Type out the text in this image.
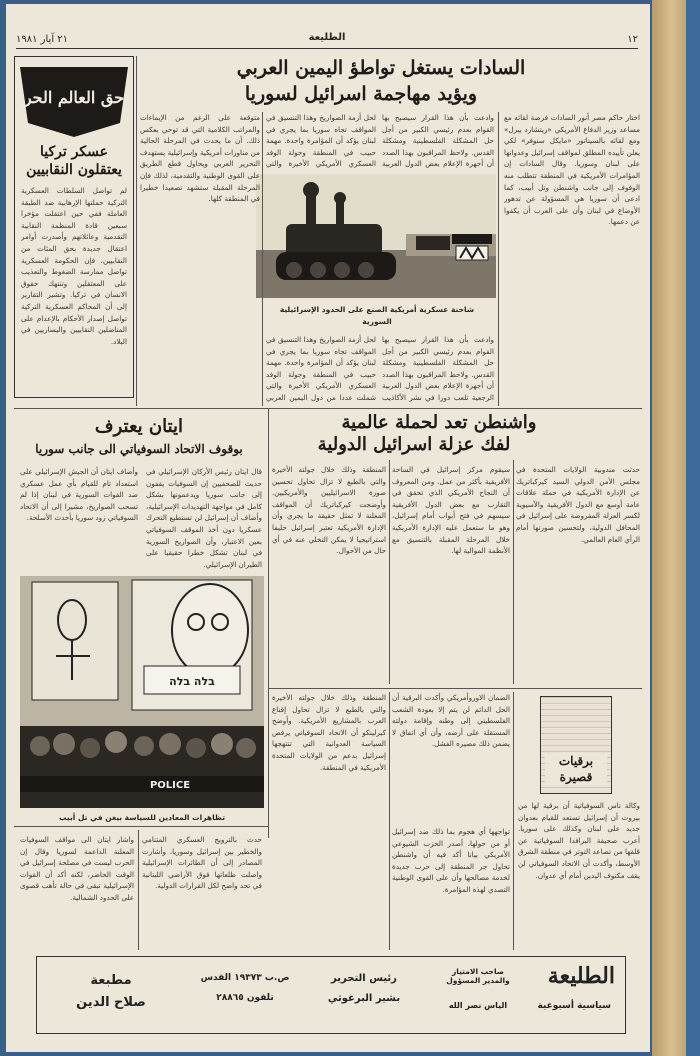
١٢
الطليعة
٢١ آيار ١٩٨١
حق العالم الحر
عسكر تركيا يعتقلون النقابيين
لم تواصل السلطات العسكرية التركية حملتها الإرهابية ضد الطبقة العاملة ففي حين اعتقلت مؤخرا سبعين قادة المنظمة النقابية التقدمية وعائلاتهم وأصدرت أوامر اعتقال جديدة بحق المئات من النقابيين، فإن الحكومة العسكرية تواصل ممارسة الضغوط والتعذيب على المعتقلين وتنتهك حقوق الانسان في تركيا. وتشير التقارير إلى أن المحاكم العسكرية التركية تواصل إصدار الأحكام بالإعدام على المناضلين النقابيين واليساريين في البلاد.
السادات يستغل تواطؤ اليمين العربي
ويؤيد مهاجمة اسرائيل لسوريا
اختار حاكم مصر أنور السادات فرصة لقائه مع مساعد وزير الدفاع الأمريكي «ريتشارد بيرل» ومع لقائه بالسيناتور «مايكل سنوفر» لكي يعلن تأييده المطلق لمواقف إسرائيل وعدوانها على لبنان وسوريا. وقال السادات إن المؤامرات الأمريكية في المنطقة تتطلب منه الوقوف إلى جانب واشنطن وتل أبيب، كما ادعى أن سوريا هي المسؤولة عن تدهور الأوضاع في لبنان وأن على العرب أن يكفوا عن دعمها.
شاحنة عسكرية أمريكية الصنع على الحدود الإسرائيلية السورية
وادعت بأن هذا القرار سيصبح بها القوام بعدم رئيسي الكبير من أجل حل المشكلة الفلسطينية ومشكلة القدس. ولاحظ المراقبون بهذا الصدد أن أجهزة الإعلام بعض الدول العربية
لحل أزمة الصواريخ وهذا التنسيق في المواقف تجاه سوريا بما يجري في لبنان يؤكد أن المؤامرة واحدة. مهمة حبيب في المنطقة وجولة الوفد العسكري الأمريكي الأخيرة والتي
وادعت بأن هذا القرار سيصبح بها القوام بعدم رئيسي الكبير من أجل حل المشكلة الفلسطينية ومشكلة القدس. ولاحظ المراقبون بهذا الصدد أن أجهزة الإعلام بعض الدول العربية الرجعية تلعب دورا في نشر الأكاذيب
لحل أزمة الصواريخ وهذا التنسيق في المواقف تجاه سوريا بما يجري في لبنان يؤكد أن المؤامرة واحدة. مهمة حبيب في المنطقة وجولة الوفد العسكري الأمريكي الأخيرة والتي شملت عددا من دول اليمين العربي
متوقعة على الرغم من الإيماءات والمراتب الكلامية التي قد توحي بعكس ذلك. أن ما يحدث في المرحلة الحالية من مناورات أمريكية وإسرائيلية يستهدف التحرير العربي ويحاول قطع الطريق على القوى الوطنية والتقدمية، لذلك فإن المرحلة المقبلة ستشهد تصعيدا خطيرا في المنطقة كلها.
واشنطن تعد لحملة عالمية
لفك عزلة اسرائيل الدولية
حدثت مندوبية الولايات المتحدة في مجلس الأمن الدولي السيد كيركباتريك عن الإدارة الأمريكية في حملة علاقات عامة أوسع مع الدول الأفريقية والآسيوية لكسر العزلة المفروضة على إسرائيل في المحافل الدولية، ولتحسين صورتها أمام الرأي العام العالمي.
سيقوم مركز إسرائيل في الساحة الأفريقية بأكثر من عمل. ومن المعروف أن النجاح الأمريكي الذي تحقق في التقارب مع بعض الدول الأفريقية سيسهم في فتح أبواب أمام إسرائيل، وهو ما ستعمل عليه الإدارة الأمريكية خلال المرحلة المقبلة بالتنسيق مع الأنظمة الموالية لها.
المنطقة وذلك خلال جولته الأخيرة والتي بالطبع لا تزال تحاول تحسين صورة الاسرائيليين والأمريكيين. وأوضحت كيركباتريك أن المواقف المعلنة لا تمثل حقيقة ما يجري وأن الإدارة الأمريكية تعتبر إسرائيل حليفا استراتيجيا لا يمكن التخلي عنه في أي حال من الأحوال.
ايتان يعترف
بوقوف الاتحاد السوفياتي الى جانب سوريا
قال ايتان رئيس الأركان الإسرائيلي في حديث للصحفيين إن السوفيات يقفون إلى جانب سوريا ويدعمونها بشكل كامل في مواجهة التهديدات الإسرائيلية، وأضاف أن إسرائيل لن تستطيع التحرك عسكريا دون أخذ الموقف السوفياتي بعين الاعتبار، وأن الصواريخ السورية في لبنان تشكل خطرا حقيقيا على الطيران الإسرائيلي.
وأضاف ايتان أن الجيش الإسرائيلي على استعداد تام للقيام بأي عمل عسكري ضد القوات السورية في لبنان إذا لم تسحب الصواريخ، مشيرا إلى أن الاتحاد السوفياتي زود سوريا بأحدث الأسلحة.
בלה בלה
POLICE
تظاهرات المعادين للسياسة بيغن في تل أبيب
واشار ايتان الى مواقف السوفيات المعلنة الداعمة لسوريا وقال إن الحرب ليست في مصلحة إسرائيل في الوقت الحاضر، لكنه أكد أن القوات الإسرائيلية تبقى في حالة تأهب قصوى على الحدود الشمالية.
حدث بالترويج العسكري المتنامي والخطير بين إسرائيل وسوريا، وأشارت المصادر إلى أن الطائرات الإسرائيلية واصلت طلعاتها فوق الأراضي اللبنانية في تحد واضح لكل القرارات الدولية.
المنطقة وذلك خلال جولته الأخيرة والتي بالطبع لا تزال تحاول إقناع العرب بالمشاريع الأمريكية. وأوضح كيرلينكو أن الاتحاد السوفياتي يرفض السياسة العدوانية التي تنتهجها إسرائيل بدعم من الولايات المتحدة الأمريكية في المنطقة.
الضمان الاوروأمريكي وأكدت البرقية أن الحل الدائم لن يتم إلا بعودة الشعب الفلسطيني إلى وطنه وإقامة دولته المستقلة على أرضه، وأن أي اتفاق لا يضمن ذلك مصيره الفشل.
تواجهها أي هجوم بما ذلك ضد إسرائيل أو من حولها، أصدر الحزب الشيوعي الأمريكي بيانا أكد فيه أن واشنطن تحاول جر المنطقة إلى حرب جديدة لخدمة مصالحها وأن على القوى الوطنية التصدي لهذه المؤامرة.
برقيات قصيرة
وكالة تاس السوفياتية أن برقية لها من بيروت أن إسرائيل تستعد للقيام بعدوان جديد على لبنان وكذلك على سوريا. أعرب صحيفة البرافدا السوفياتية عن قلقها من تصاعد التوتر في منطقة الشرق الأوسط، وأكدت أن الاتحاد السوفياتي لن يقف مكتوف اليدين أمام أي عدوان.
الطليعة
سياسية أسبوعية
صاحب الامتياز والمدير المسؤول
الياس نصر الله
رئيس التحرير
بشير البرغوثي
ص.ب ١٩٣٧٣ القدس
تلفون ٢٨٨٦٥
مطبعة
صلاح الدين
